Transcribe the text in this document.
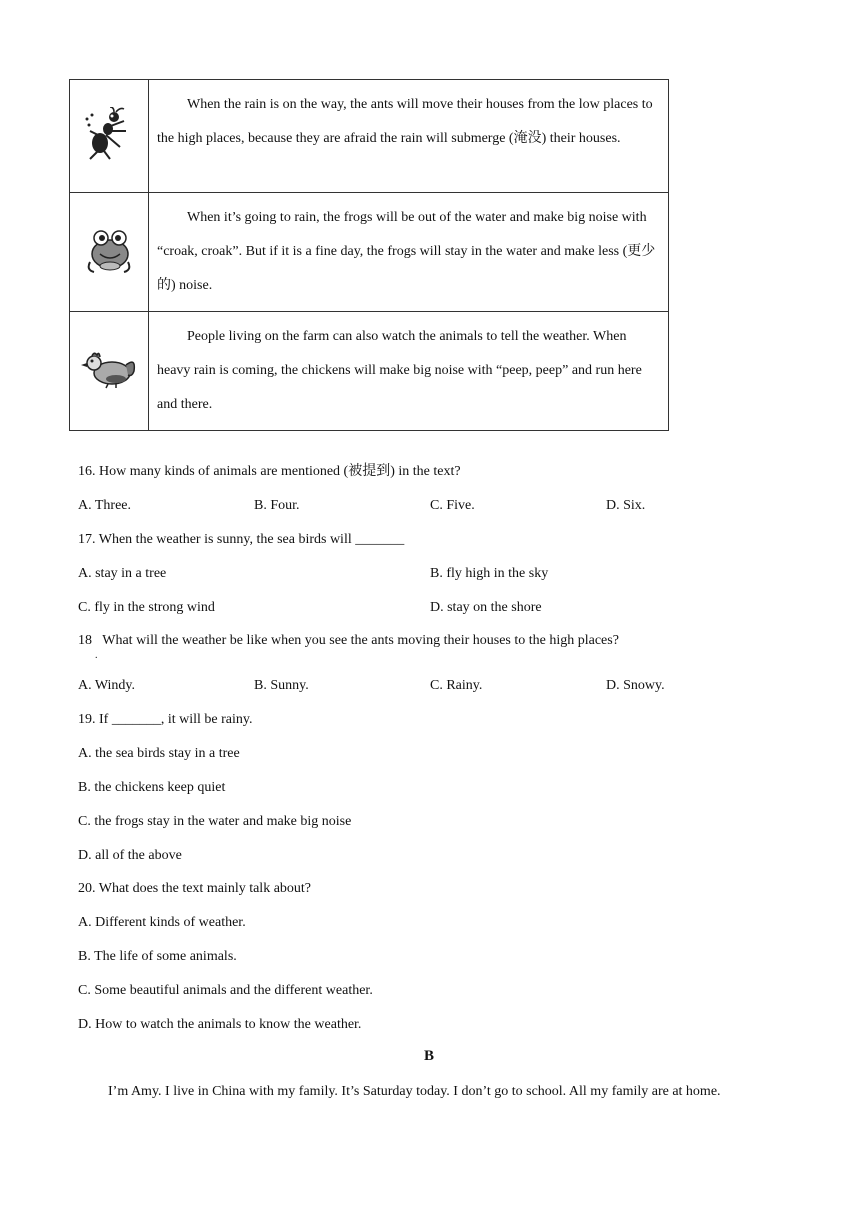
When the rain is on the way, the ants will move their houses from the low places to the high places, because they are afraid the rain will submerge (淹没) their houses.

When it’s going to rain, the frogs will be out of the water and make big noise with “croak, croak”. But if it is a fine day, the frogs will stay in the water and make less (更少的) noise.

People living on the farm can also watch the animals to tell the weather. When heavy rain is coming, the chickens will make big noise with “peep, peep” and run here and there.
16. How many kinds of animals are mentioned (被提到) in the text?
A. Three.	B. Four.	C. Five.	D. Six.
17. When the weather is sunny, the sea birds will _______
A. stay in a tree	B. fly high in the sky
C. fly in the strong wind	D. stay on the shore
18   What will the weather be like when you see the ants moving their houses to the high places?
.
A. Windy.	B. Sunny.	C. Rainy.	D. Snowy.
19. If _______, it will be rainy.
A. the sea birds stay in a tree
B. the chickens keep quiet
C. the frogs stay in the water and make big noise
D. all of the above
20. What does the text mainly talk about?
A. Different kinds of weather.
B. The life of some animals.
C. Some beautiful animals and the different weather.
D. How to watch the animals to know the weather.
B
I’m Amy. I live in China with my family. It’s Saturday today. I don’t go to school. All my family are at home.
